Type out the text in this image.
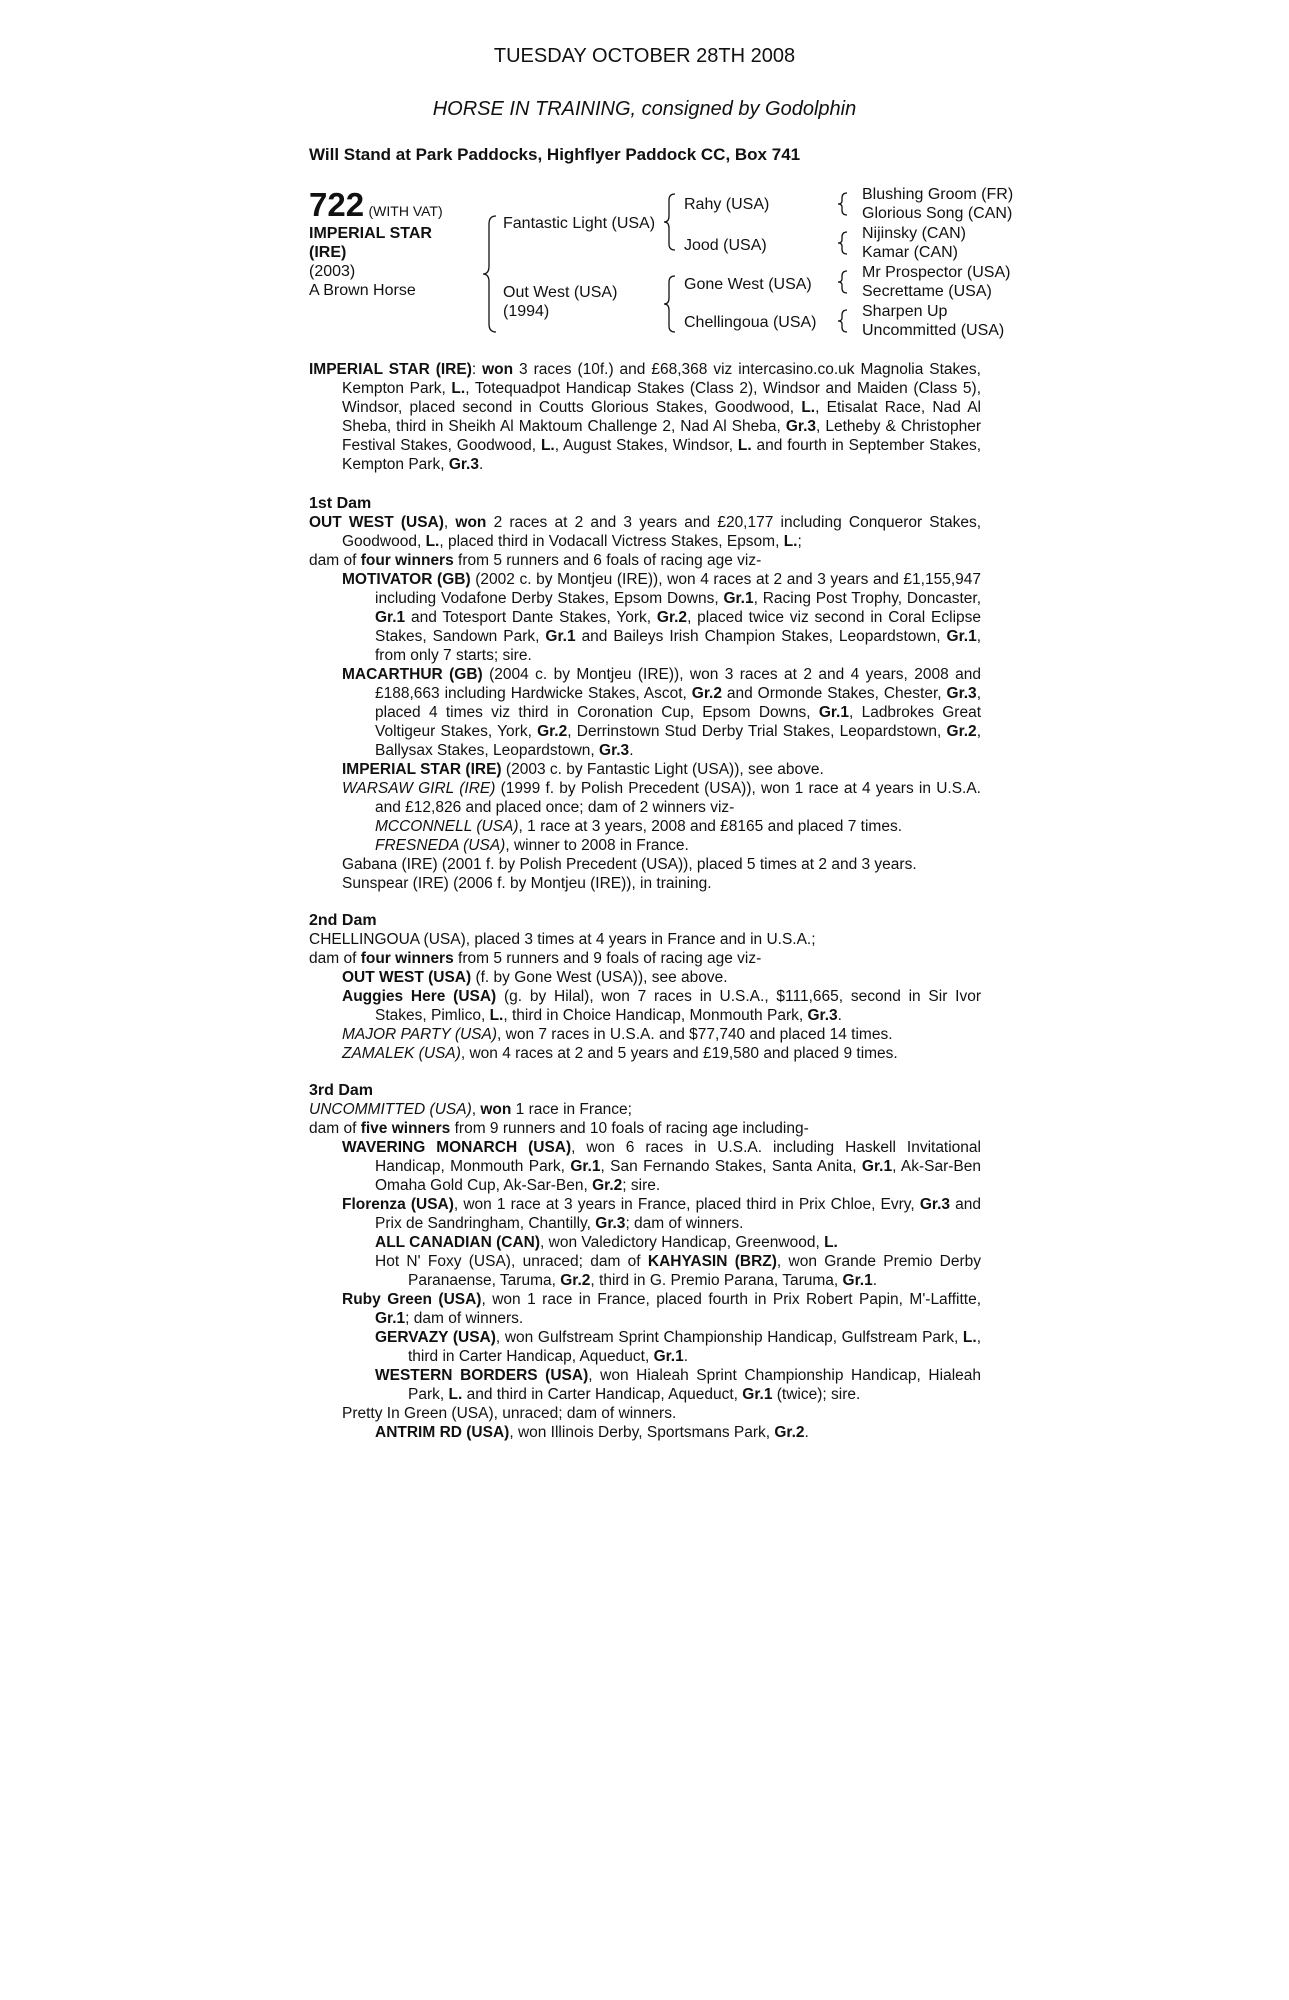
TUESDAY OCTOBER 28TH 2008
HORSE IN TRAINING, consigned by Godolphin
Will Stand at Park Paddocks, Highflyer Paddock CC, Box 741
722 (WITH VAT)
IMPERIAL STAR
(IRE)
(2003)
A Brown Horse
Fantastic Light (USA)
Out West (USA)
(1994)
Rahy (USA)
Jood (USA)
Gone West (USA)
Chellingoua (USA)
Blushing Groom (FR)
Glorious Song (CAN)
Nijinsky (CAN)
Kamar (CAN)
Mr Prospector (USA)
Secrettame (USA)
Sharpen Up
Uncommitted (USA)
IMPERIAL STAR (IRE): won 3 races (10f.) and £68,368 viz intercasino.co.uk Magnolia Stakes, Kempton Park, L., Totequadpot Handicap Stakes (Class 2), Windsor and Maiden (Class 5), Windsor, placed second in Coutts Glorious Stakes, Goodwood, L., Etisalat Race, Nad Al Sheba, third in Sheikh Al Maktoum Challenge 2, Nad Al Sheba, Gr.3, Letheby & Christopher Festival Stakes, Goodwood, L., August Stakes, Windsor, L. and fourth in September Stakes, Kempton Park, Gr.3.
1st Dam
OUT WEST (USA), won 2 races at 2 and 3 years and £20,177 including Conqueror Stakes, Goodwood, L., placed third in Vodacall Victress Stakes, Epsom, L.;
dam of four winners from 5 runners and 6 foals of racing age viz-
MOTIVATOR (GB) (2002 c. by Montjeu (IRE)), won 4 races at 2 and 3 years and £1,155,947 including Vodafone Derby Stakes, Epsom Downs, Gr.1, Racing Post Trophy, Doncaster, Gr.1 and Totesport Dante Stakes, York, Gr.2, placed twice viz second in Coral Eclipse Stakes, Sandown Park, Gr.1 and Baileys Irish Champion Stakes, Leopardstown, Gr.1, from only 7 starts; sire.
MACARTHUR (GB) (2004 c. by Montjeu (IRE)), won 3 races at 2 and 4 years, 2008 and £188,663 including Hardwicke Stakes, Ascot, Gr.2 and Ormonde Stakes, Chester, Gr.3, placed 4 times viz third in Coronation Cup, Epsom Downs, Gr.1, Ladbrokes Great Voltigeur Stakes, York, Gr.2, Derrinstown Stud Derby Trial Stakes, Leopardstown, Gr.2, Ballysax Stakes, Leopardstown, Gr.3.
IMPERIAL STAR (IRE) (2003 c. by Fantastic Light (USA)), see above.
WARSAW GIRL (IRE) (1999 f. by Polish Precedent (USA)), won 1 race at 4 years in U.S.A. and £12,826 and placed once; dam of 2 winners viz-
MCCONNELL (USA), 1 race at 3 years, 2008 and £8165 and placed 7 times.
FRESNEDA (USA), winner to 2008 in France.
Gabana (IRE) (2001 f. by Polish Precedent (USA)), placed 5 times at 2 and 3 years.
Sunspear (IRE) (2006 f. by Montjeu (IRE)), in training.
2nd Dam
CHELLINGOUA (USA), placed 3 times at 4 years in France and in U.S.A.;
dam of four winners from 5 runners and 9 foals of racing age viz-
OUT WEST (USA) (f. by Gone West (USA)), see above.
Auggies Here (USA) (g. by Hilal), won 7 races in U.S.A., $111,665, second in Sir Ivor Stakes, Pimlico, L., third in Choice Handicap, Monmouth Park, Gr.3.
MAJOR PARTY (USA), won 7 races in U.S.A. and $77,740 and placed 14 times.
ZAMALEK (USA), won 4 races at 2 and 5 years and £19,580 and placed 9 times.
3rd Dam
UNCOMMITTED (USA), won 1 race in France;
dam of five winners from 9 runners and 10 foals of racing age including-
WAVERING MONARCH (USA), won 6 races in U.S.A. including Haskell Invitational Handicap, Monmouth Park, Gr.1, San Fernando Stakes, Santa Anita, Gr.1, Ak-Sar-Ben Omaha Gold Cup, Ak-Sar-Ben, Gr.2; sire.
Florenza (USA), won 1 race at 3 years in France, placed third in Prix Chloe, Evry, Gr.3 and Prix de Sandringham, Chantilly, Gr.3; dam of winners.
ALL CANADIAN (CAN), won Valedictory Handicap, Greenwood, L.
Hot N' Foxy (USA), unraced; dam of KAHYASIN (BRZ), won Grande Premio Derby Paranaense, Taruma, Gr.2, third in G. Premio Parana, Taruma, Gr.1.
Ruby Green (USA), won 1 race in France, placed fourth in Prix Robert Papin, M'-Laffitte, Gr.1; dam of winners.
GERVAZY (USA), won Gulfstream Sprint Championship Handicap, Gulfstream Park, L., third in Carter Handicap, Aqueduct, Gr.1.
WESTERN BORDERS (USA), won Hialeah Sprint Championship Handicap, Hialeah Park, L. and third in Carter Handicap, Aqueduct, Gr.1 (twice); sire.
Pretty In Green (USA), unraced; dam of winners.
ANTRIM RD (USA), won Illinois Derby, Sportsmans Park, Gr.2.
